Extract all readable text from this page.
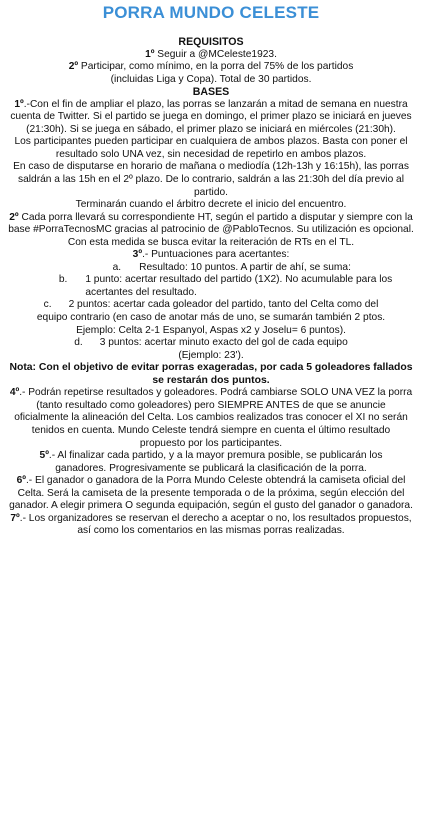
PORRA MUNDO CELESTE

REQUISITOS

1º Seguir a @MCeleste1923.

2º Participar, como mínimo, en la porra del 75% de los partidos (incluidas Liga y Copa). Total de 30 partidos.

BASES

1º.-Con el fin de ampliar el plazo, las porras se lanzarán a mitad de semana en nuestra cuenta de Twitter. Si el partido se juega en domingo, el primer plazo se iniciará en jueves (21:30h). Si se juega en sábado, el primer plazo se iniciará en miércoles (21:30h).

Los participantes pueden participar en cualquiera de ambos plazos. Basta con poner el resultado solo UNA vez, sin necesidad de repetirlo en ambos plazos.

En caso de disputarse en horario de mañana o mediodía (12h-13h y 16:15h), las porras saldrán a las 15h en el 2º plazo. De lo contrario, saldrán a las 21:30h del día previo al partido.

Terminarán cuando el árbitro decrete el inicio del encuentro.

2º Cada porra llevará su correspondiente HT, según el partido a disputar y siempre con la base #PorraTecnosMC gracias al patrocinio de @PabloTecnos. Su utilización es opcional. Con esta medida se busca evitar la reiteración de RTs en el TL.

3º.- Puntuaciones para acertantes:

a.	Resultado: 10 puntos. A partir de ahí, se suma:
b.	1 punto: acertar resultado del partido (1X2). No acumulable para los acertantes del resultado.

c. 2 puntos: acertar cada goleador del partido, tanto del Celta como del equipo contrario (en caso de anotar más de uno, se sumarán también 2 ptos. Ejemplo: Celta 2-1 Espanyol, Aspas x2 y Joselu= 6 puntos).

d. 3 puntos: acertar minuto exacto del gol de cada equipo (Ejemplo: 23').

Nota: Con el objetivo de evitar porras exageradas, por cada 5 goleadores fallados se restarán dos puntos.

4º.- Podrán repetirse resultados y goleadores. Podrá cambiarse SOLO UNA VEZ la porra (tanto resultado como goleadores) pero SIEMPRE ANTES de que se anuncie oficialmente la alineación del Celta. Los cambios realizados tras conocer el XI no serán tenidos en cuenta. Mundo Celeste tendrá siempre en cuenta el último resultado propuesto por los participantes.

5º.- Al finalizar cada partido, y a la mayor premura posible, se publicarán los ganadores. Progresivamente se publicará la clasificación de la porra.

6º.- El ganador o ganadora de la Porra Mundo Celeste obtendrá la camiseta oficial del Celta. Será la camiseta de la presente temporada o de la próxima, según elección del ganador. A elegir primera O segunda equipación, según el gusto del ganador o ganadora.

7º.- Los organizadores se reservan el derecho a aceptar o no, los resultados propuestos, así como los comentarios en las mismas porras realizadas.
